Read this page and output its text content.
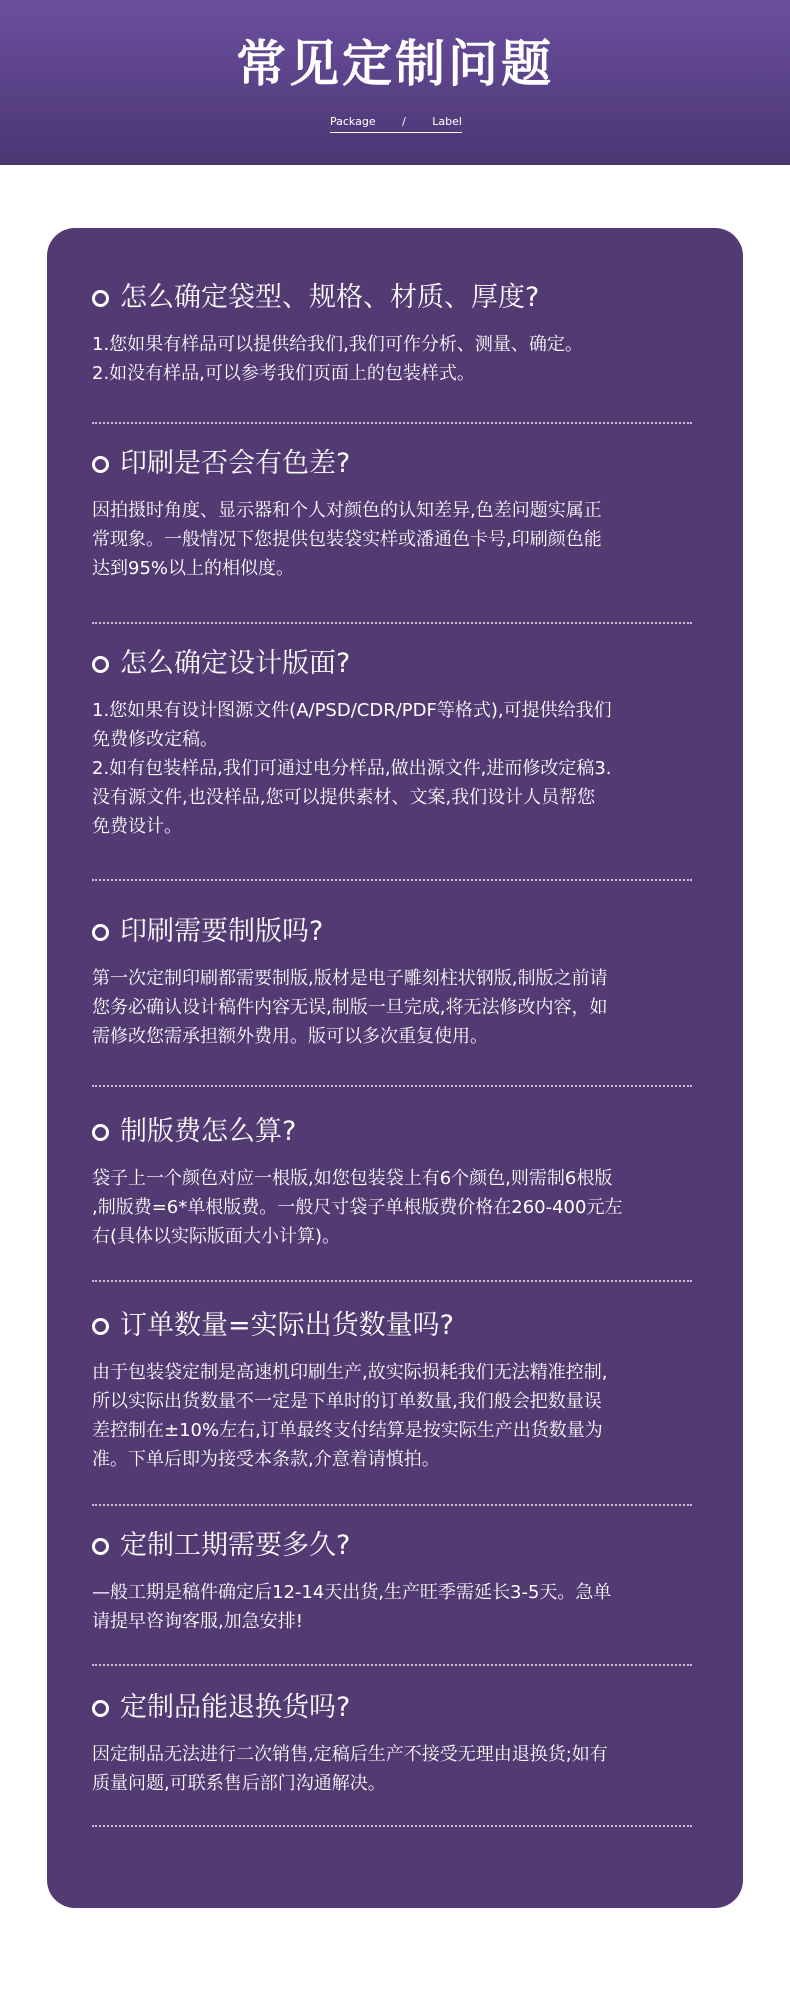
常见定制问题
Package / Label
怎么确定袋型、规格、材质、厚度?

1.您如果有样品可以提供给我们,我们可作分析、测量、确定。

2.如没有样品,可以参考我们页面上的包装样式。

印刷是否会有色差?

因拍摄时角度、显示器和个人对颜色的认知差异,色差问题实属正

常现象。一般情况下您提供包装袋实样或潘通色卡号,印刷颜色能

达到95%以上的相似度。

怎么确定设计版面?

1.您如果有设计图源文件(A/PSD/CDR/PDF等格式),可提供给我们

免费修改定稿。

2.如有包装样品,我们可通过电分样品,做出源文件,进而修改定稿3.

没有源文件,也没样品,您可以提供素材、文案,我们设计人员帮您

免费设计。

印刷需要制版吗?

第一次定制印刷都需要制版,版材是电子雕刻柱状钢版,制版之前请

您务必确认设计稿件内容无误,制版一旦完成,将无法修改内容，如

需修改您需承担额外费用。版可以多次重复使用。

制版费怎么算?

袋子上一个颜色对应一根版,如您包装袋上有6个颜色,则需制6根版

,制版费=6*单根版费。一般尺寸袋子单根版费价格在260-400元左

右(具体以实际版面大小计算)。

订单数量=实际出货数量吗?

由于包装袋定制是高速机印刷生产,故实际损耗我们无法精准控制,

所以实际出货数量不一定是下单时的订单数量,我们般会把数量误

差控制在±10%左右,订单最终支付结算是按实际生产出货数量为

准。下单后即为接受本条款,介意着请慎拍。

定制工期需要多久?

—般工期是稿件确定后12-14天出货,生产旺季需延长3-5天。急单

请提早咨询客服,加急安排!

定制品能退换货吗?

因定制品无法进行二次销售,定稿后生产不接受无理由退换货;如有

质量问题,可联系售后部门沟通解决。
